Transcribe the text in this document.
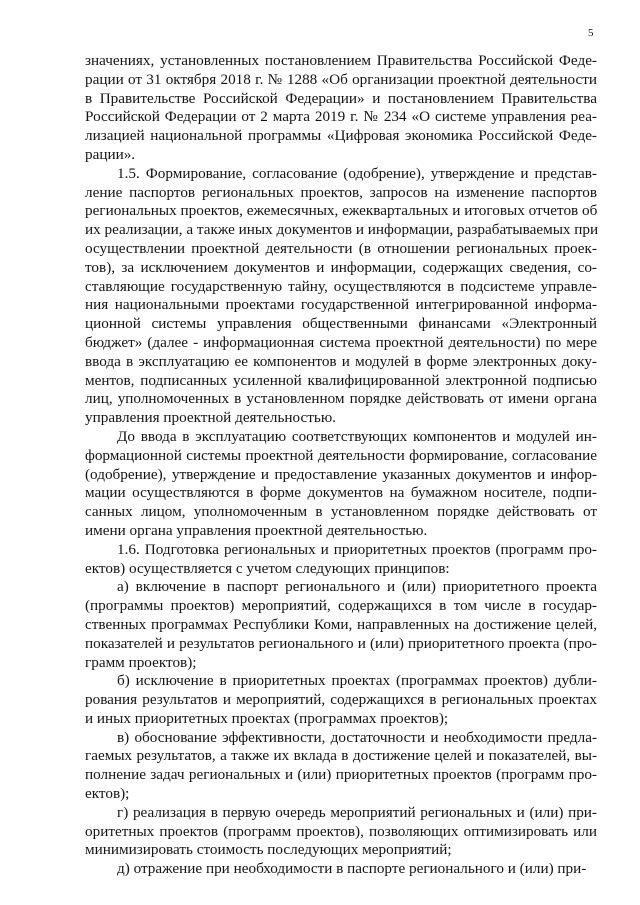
5
значениях, установленных постановлением Правительства Российской Феде-
рации от 31 октября 2018 г. № 1288 «Об организации проектной деятельности
в Правительстве Российской Федерации» и постановлением Правительства
Российской Федерации от 2 марта 2019 г. № 234 «О системе управления реа-
лизацией национальной программы «Цифровая экономика Российской Феде-
рации».
1.5. Формирование, согласование (одобрение), утверждение и представ-
ление паспортов региональных проектов, запросов на изменение паспортов
региональных проектов, ежемесячных, ежеквартальных и итоговых отчетов об
их реализации, а также иных документов и информации, разрабатываемых при
осуществлении проектной деятельности (в отношении региональных проек-
тов), за исключением документов и информации, содержащих сведения, со-
ставляющие государственную тайну, осуществляются в подсистеме управле-
ния национальными проектами государственной интегрированной информа-
ционной системы управления общественными финансами «Электронный
бюджет» (далее - информационная система проектной деятельности) по мере
ввода в эксплуатацию ее компонентов и модулей в форме электронных доку-
ментов, подписанных усиленной квалифицированной электронной подписью
лиц, уполномоченных в установленном порядке действовать от имени органа
управления проектной деятельностью.
До ввода в эксплуатацию соответствующих компонентов и модулей ин-
формационной системы проектной деятельности формирование, согласование
(одобрение), утверждение и предоставление указанных документов и инфор-
мации осуществляются в форме документов на бумажном носителе, подпи-
санных лицом, уполномоченным в установленном порядке действовать от
имени органа управления проектной деятельностью.
1.6. Подготовка региональных и приоритетных проектов (программ про-
ектов) осуществляется с учетом следующих принципов:
а) включение в паспорт регионального и (или) приоритетного проекта
(программы проектов) мероприятий, содержащихся в том числе в государ-
ственных программах Республики Коми, направленных на достижение целей,
показателей и результатов регионального и (или) приоритетного проекта (про-
грамм проектов);
б) исключение в приоритетных проектах (программах проектов) дубли-
рования результатов и мероприятий, содержащихся в региональных проектах
и иных приоритетных проектах (программах проектов);
в) обоснование эффективности, достаточности и необходимости предла-
гаемых результатов, а также их вклада в достижение целей и показателей, вы-
полнение задач региональных и (или) приоритетных проектов (программ про-
ектов);
г) реализация в первую очередь мероприятий региональных и (или) при-
оритетных проектов (программ проектов), позволяющих оптимизировать или
минимизировать стоимость последующих мероприятий;
д) отражение при необходимости в паспорте регионального и (или) при-
